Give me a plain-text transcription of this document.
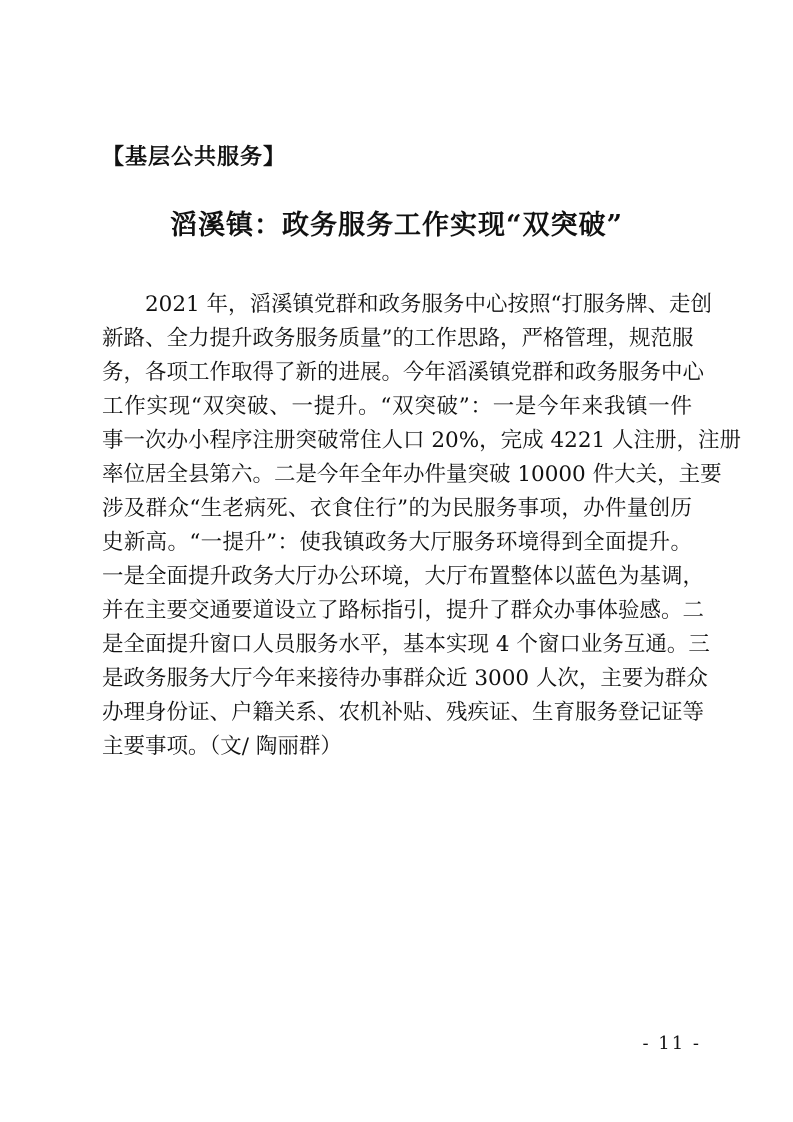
【基层公共服务】
滔溪镇：政务服务工作实现“双突破”
2021 年，滔溪镇党群和政务服务中心按照“打服务牌、走创
新路、全力提升政务服务质量”的工作思路，严格管理，规范服
务，各项工作取得了新的进展。今年滔溪镇党群和政务服务中心
工作实现“双突破、一提升。“双突破”：一是今年来我镇一件
事一次办小程序注册突破常住人口 20%，完成 4221 人注册，注册
率位居全县第六。二是今年全年办件量突破 10000 件大关，主要
涉及群众“生老病死、衣食住行”的为民服务事项，办件量创历
史新高。“一提升”：使我镇政务大厅服务环境得到全面提升。
一是全面提升政务大厅办公环境，大厅布置整体以蓝色为基调，
并在主要交通要道设立了路标指引，提升了群众办事体验感。二
是全面提升窗口人员服务水平，基本实现 4 个窗口业务互通。三
是政务服务大厅今年来接待办事群众近 3000 人次，主要为群众
办理身份证、户籍关系、农机补贴、残疾证、生育服务登记证等
主要事项。（文/ 陶丽群）
- 11 -
